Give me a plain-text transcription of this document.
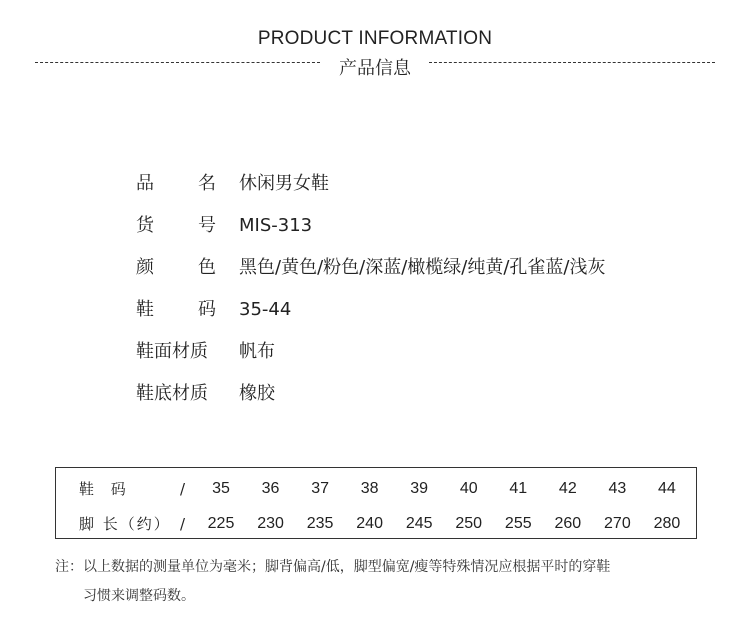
PRODUCT INFORMATION
产品信息
品 名 休闲男女鞋
货 号 MIS-313
颜 色 黑色/黄色/粉色/深蓝/橄榄绿/纯黄/孔雀蓝/浅灰
鞋 码 35-44
鞋面材质	帆布
鞋底材质	橡胶
鞋 码	/	35	36	37	38	39	40	41	42	43	44
脚 长（约） / 225 230 235 240 245 250 255 260 270 280
注：以上数据的测量单位为毫米；脚背偏高/低，脚型偏宽/瘦等特殊情况应根据平时的穿鞋
习惯来调整码数。
